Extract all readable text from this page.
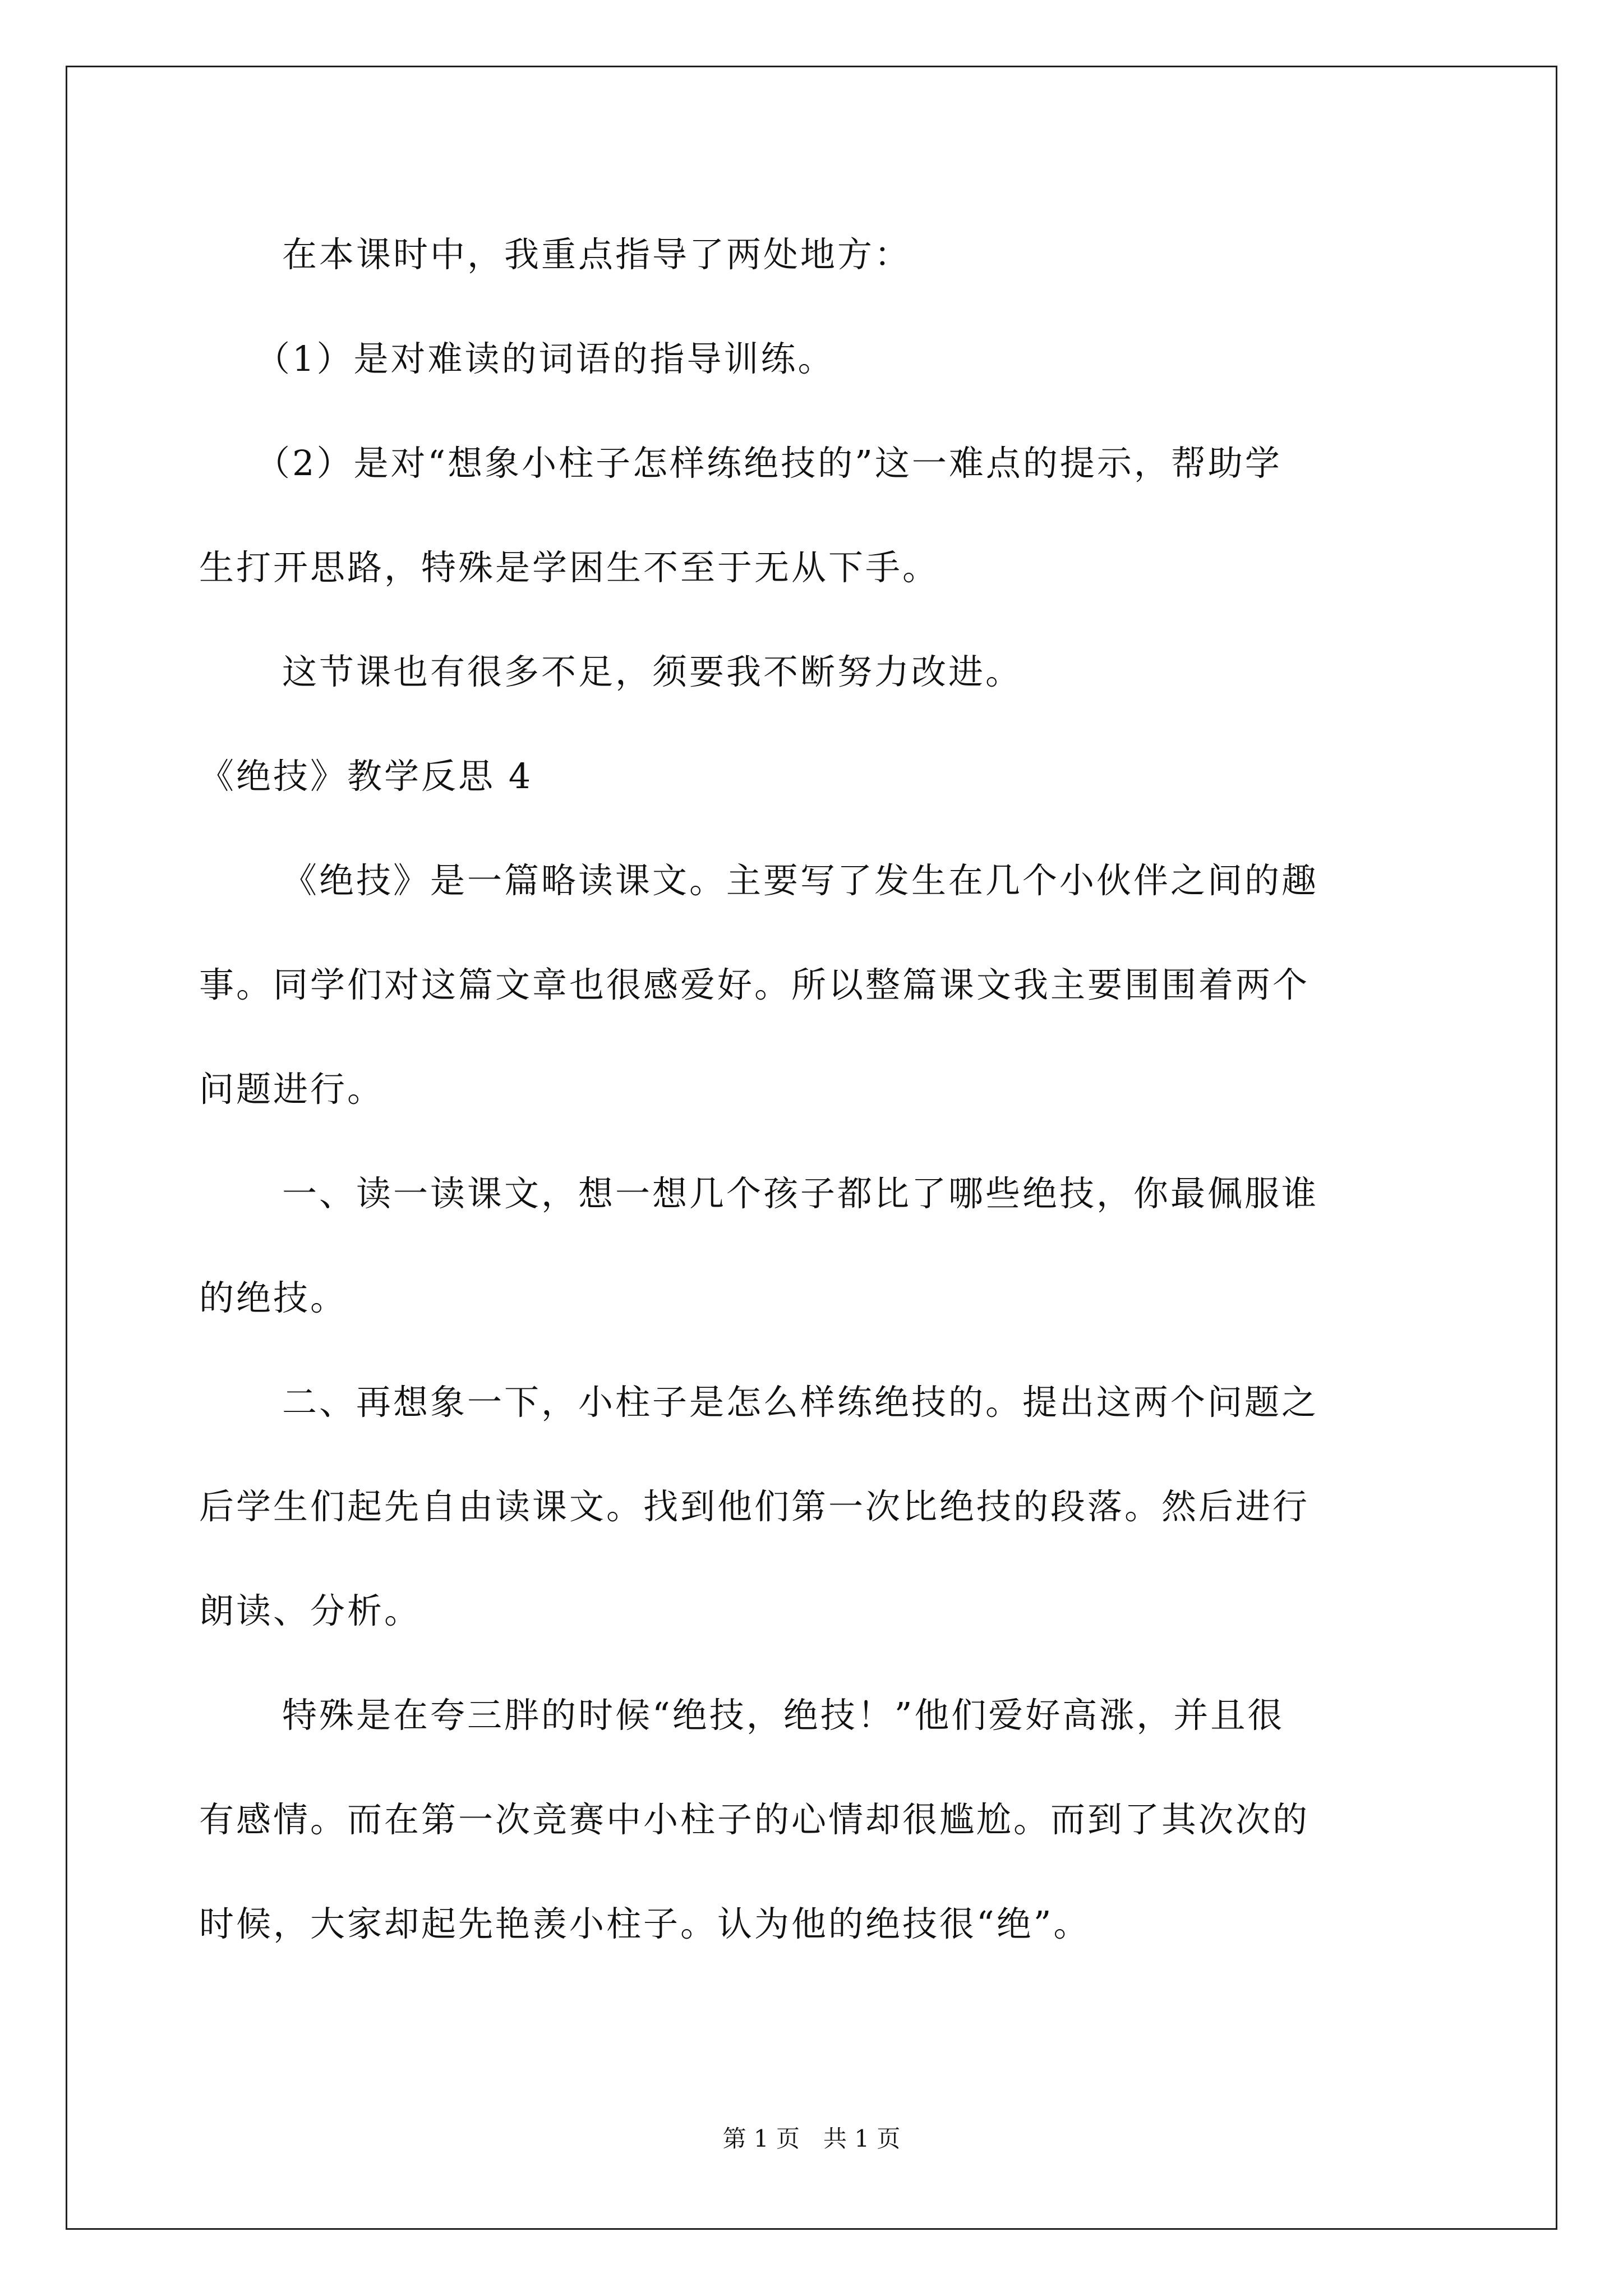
在本课时中，我重点指导了两处地方：
（1）是对难读的词语的指导训练。
（2）是对“想象小柱子怎样练绝技的”这一难点的提示，帮助学
生打开思路，特殊是学困生不至于无从下手。
这节课也有很多不足，须要我不断努力改进。
《绝技》教学反思 4
《绝技》是一篇略读课文。主要写了发生在几个小伙伴之间的趣
事。同学们对这篇文章也很感爱好。所以整篇课文我主要围围着两个
问题进行。
一、读一读课文，想一想几个孩子都比了哪些绝技，你最佩服谁
的绝技。
二、再想象一下，小柱子是怎么样练绝技的。提出这两个问题之
后学生们起先自由读课文。找到他们第一次比绝技的段落。然后进行
朗读、分析。
特殊是在夸三胖的时候“绝技，绝技！”他们爱好高涨，并且很
有感情。而在第一次竞赛中小柱子的心情却很尴尬。而到了其次次的
时候，大家却起先艳羡小柱子。认为他的绝技很“绝”。
第 1 页　共 1 页
